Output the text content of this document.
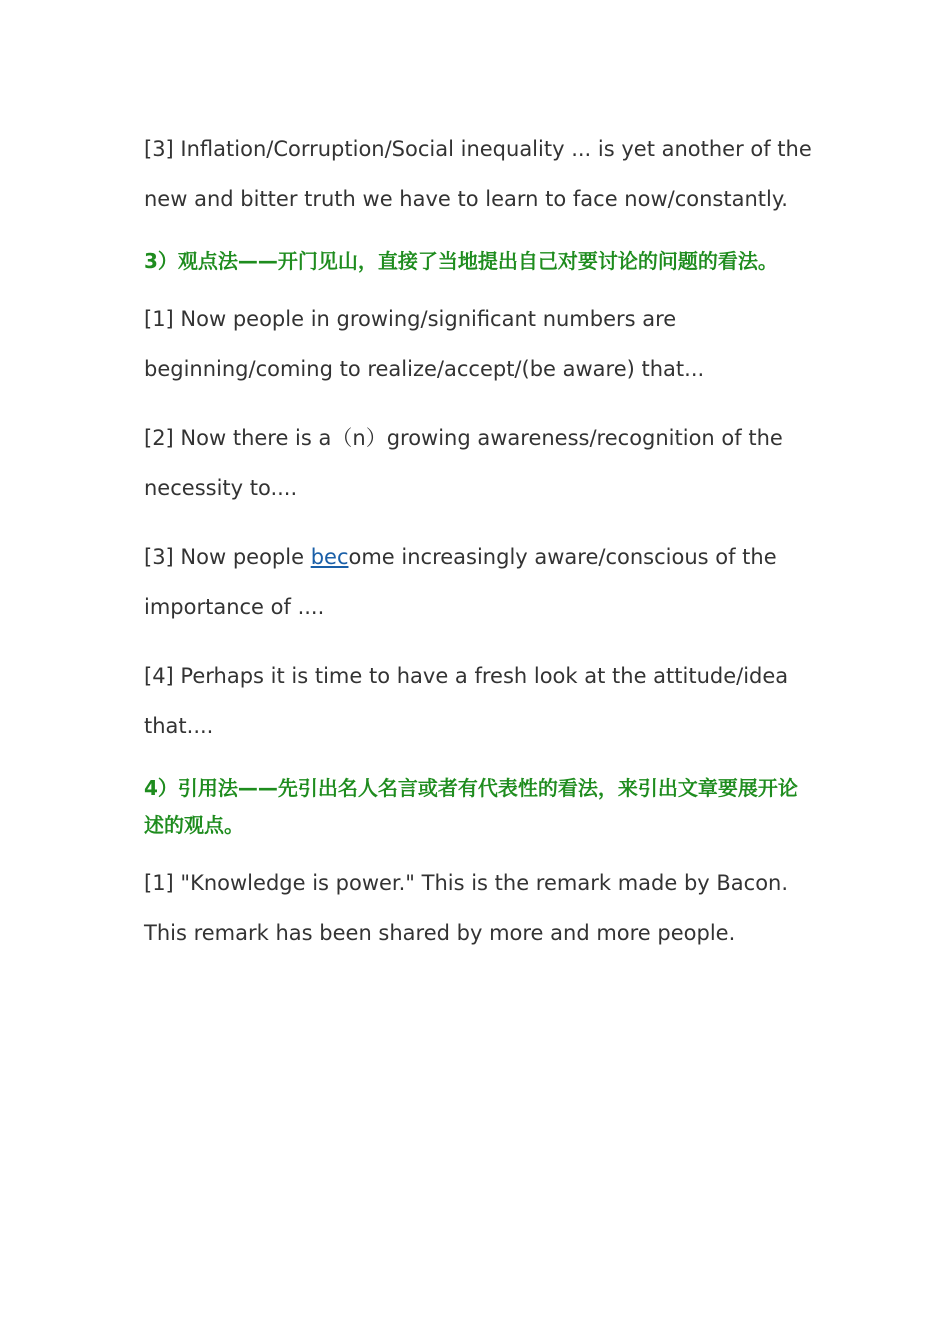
[3] Inflation/Corruption/Social inequality ... is yet another of the new and bitter truth we have to learn to face now/constantly.

3）观点法——开门见山，直接了当地提出自己对要讨论的问题的看法。

[1] Now people in growing/significant numbers are beginning/coming to realize/accept/(be aware) that...

[2] Now there is a（n）growing awareness/recognition of the necessity to....

[3] Now people become increasingly aware/conscious of the importance of ....

[4] Perhaps it is time to have a fresh look at the attitude/idea that....

4）引用法——先引出名人名言或者有代表性的看法，来引出文章要展开论述的观点。

[1] "Knowledge is power." This is the remark made by Bacon. This remark has been shared by more and more people.
